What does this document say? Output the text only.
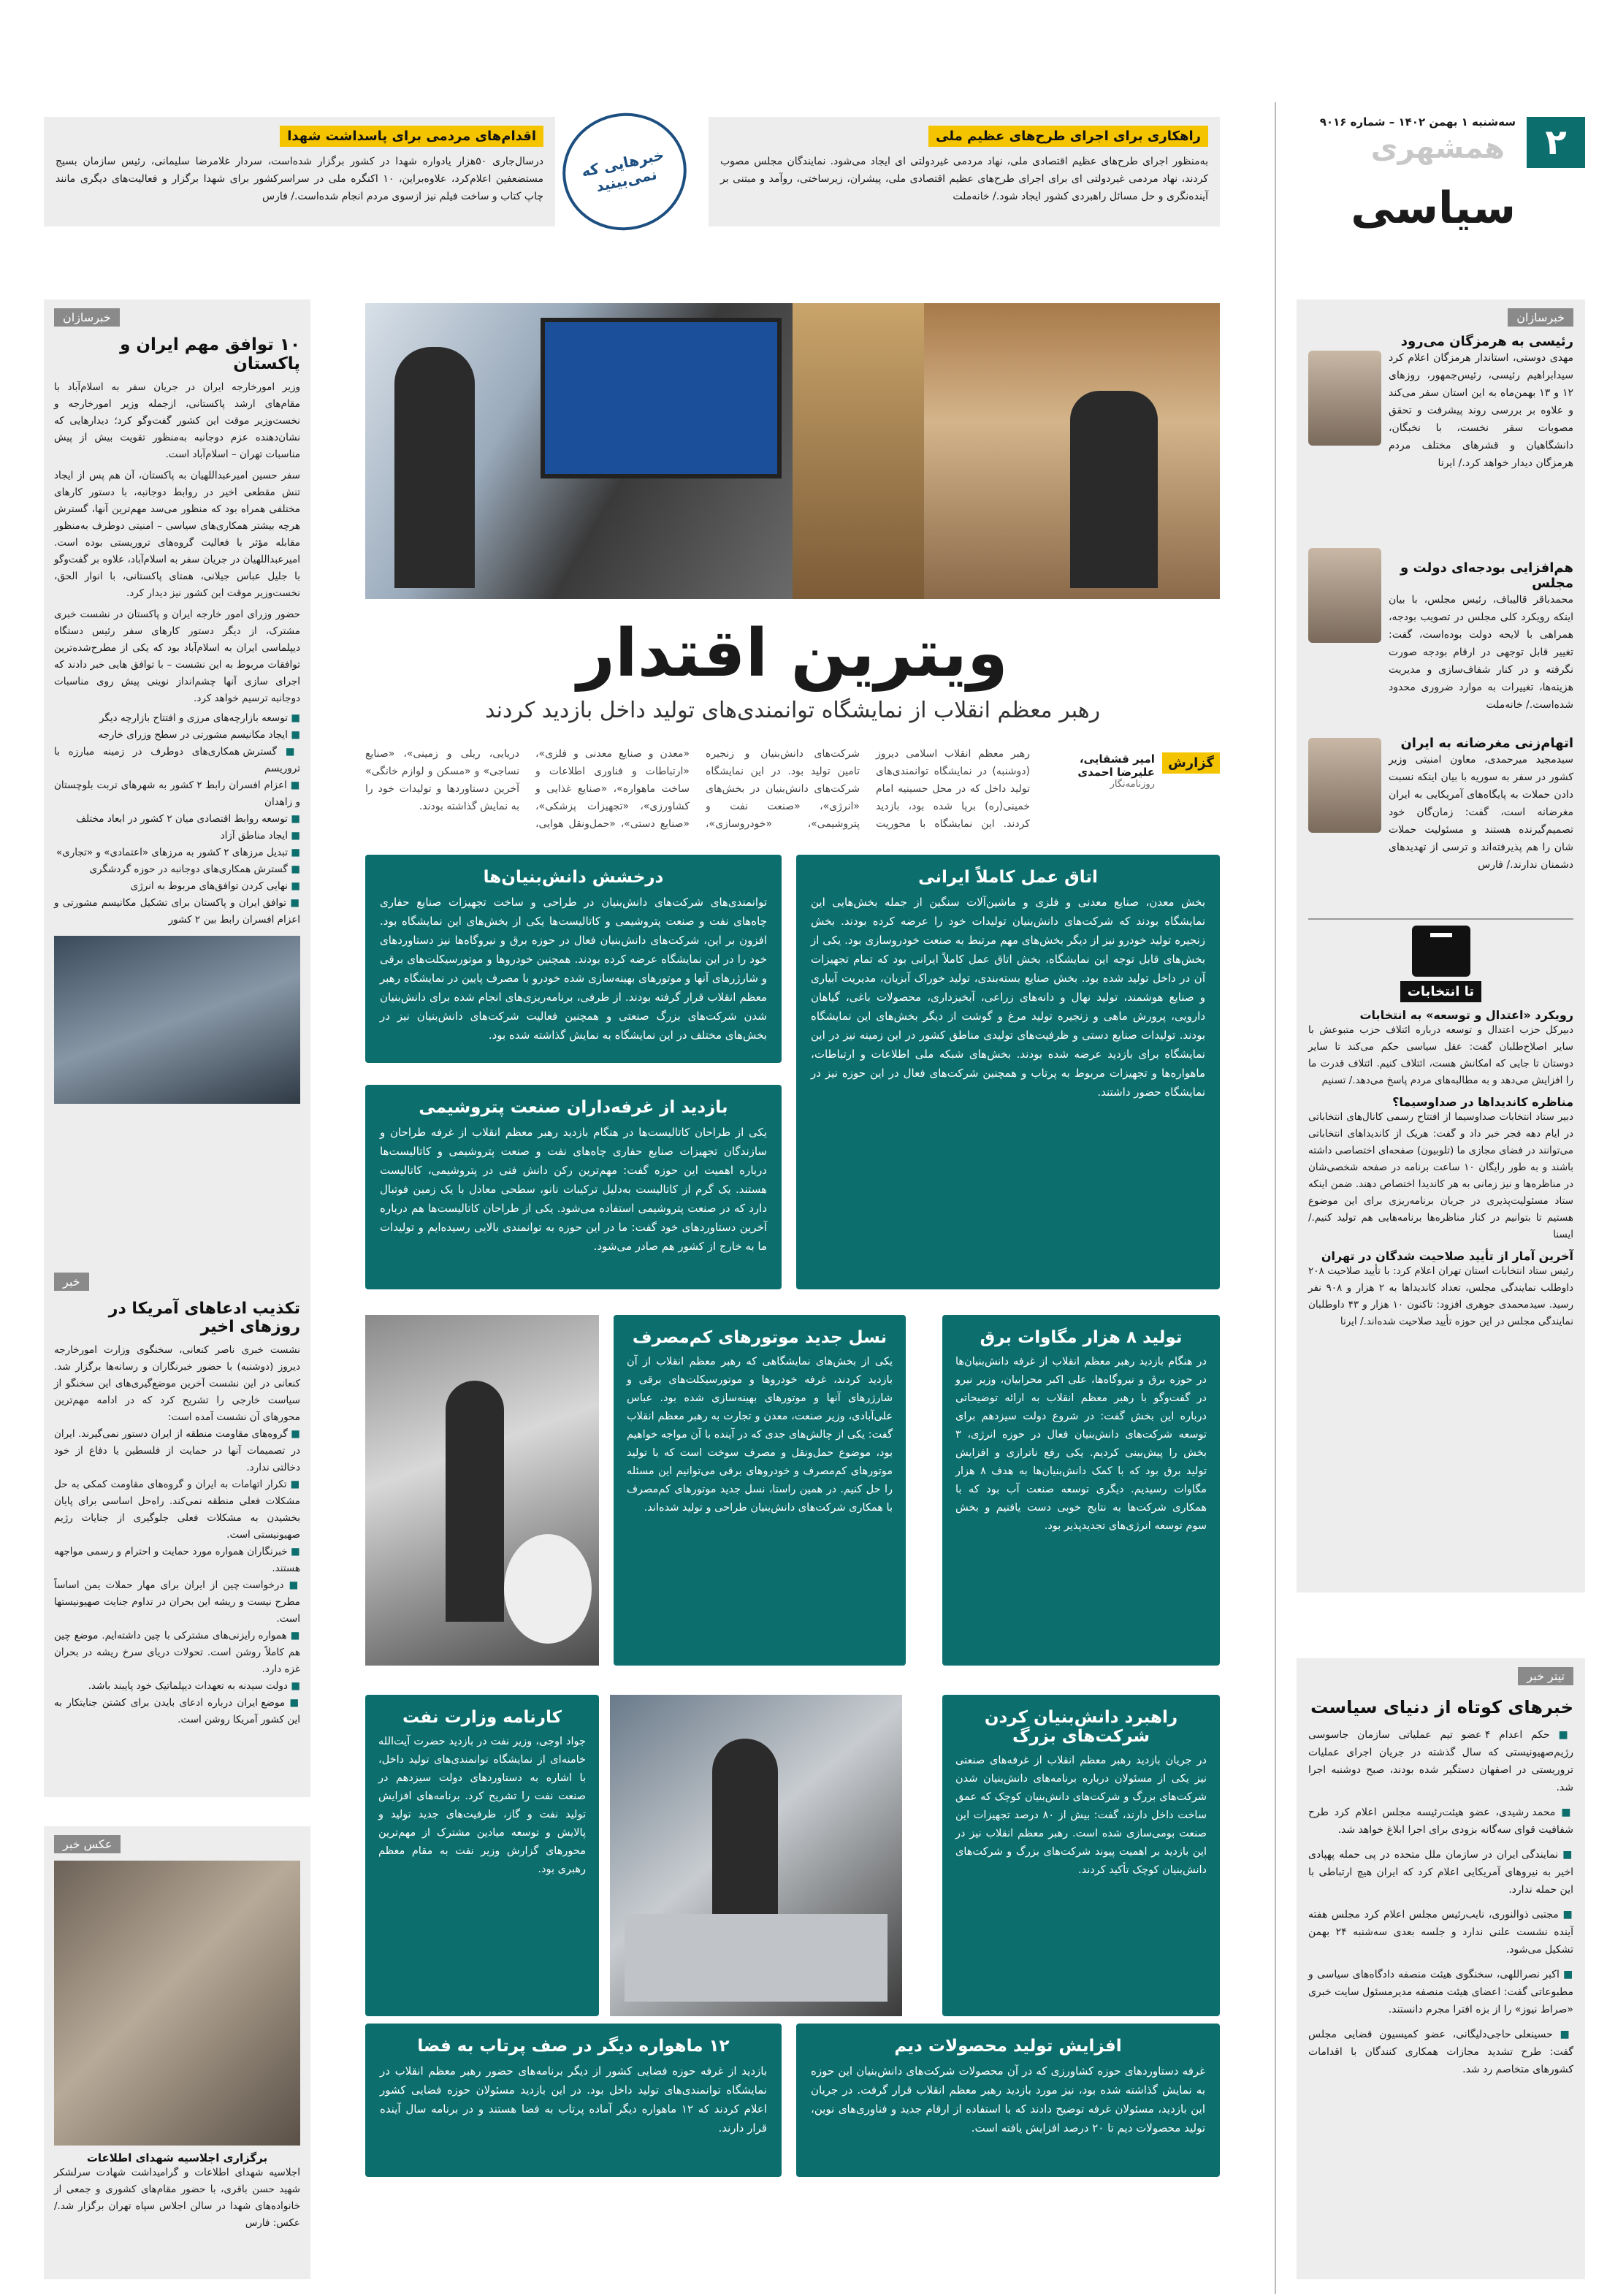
۲
سه‌شنبه ۱ بهمن ۱۴۰۲ – شماره ۹۰۱۶
همشهری
سیاسی
راهکاری برای اجرای طرح‌های عظیم ملی

به‌منظور اجرای طرح‌های عظیم اقتصادی ملی، نهاد مردمی غیردولتی ای ایجاد می‌شود. نمایندگان مجلس مصوب کردند، نهاد مردمی غیردولتی ای برای اجرای طرح‌های عظیم اقتصادی ملی، پیشران، زیرساختی، روآمد و مبتنی بر آینده‌نگری و حل مسائل راهبردی کشور ایجاد شود./ خانه‌ملت

خبرهایی که نمی‌بینید
اقدام‌های مردمی برای پاسداشت شهدا

درسال‌جاری ۵۰هزار یادواره شهدا در کشور برگزار شده‌است، سردار غلامرضا سلیمانی، رئیس سازمان بسیج مستضعفین اعلام‌کرد، علاوه‌براین، ۱۰ اکنگره ملی در سراسرکشور برای شهدا برگزار و فعالیت‌های دیگری مانند چاپ کتاب و ساخت فیلم نیز ازسوی مردم انجام شده‌است./ فارس

خبرسازان
رئیسی به هرمزگان می‌رود

مهدی دوستی، استاندار هرمزگان اعلام کرد سیدابراهیم رئیسی، رئیس‌جمهور، روزهای ۱۲ و ۱۳ بهمن‌ماه به این استان سفر می‌کند و علاوه بر بررسی روند پیشرفت و تحقق مصوبات سفر نخست، با نخبگان، دانشگاهیان و قشرهای مختلف مردم هرمزگان دیدار خواهد کرد./ ایرنا

هم‌افزایی بودجه‌ای دولت و مجلس

محمدباقر قالیباف، رئیس مجلس، با بیان اینکه رویکرد کلی مجلس در تصویب بودجه، همراهی با لایحه دولت بوده‌است، گفت: تغییر قابل توجهی در ارقام بودجه صورت نگرفته و در کنار شفاف‌سازی و مدیریت هزینه‌ها، تغییرات به موارد ضروری محدود شده‌است./ خانه‌ملت

اتهام‌زنی مغرضانه به ایران

سیدمجید میرحمدی، معاون امنیتی وزیر کشور در سفر به سوریه با بیان اینکه نسبت دادن حملات به پایگاه‌های آمریکایی به ایران مغرضانه است، گفت: زمان‌گان خود تصمیم‌گیرنده هستند و مسئولیت حملات شان را هم پذیرفته‌اند و ترسی از تهدیدهای دشمنان ندارند./ فارس

تا انتخابات
رویکرد «اعتدال و توسعه» به انتخابات

دبیرکل حزب اعتدال و توسعه درباره ائتلاف حزب متبوعش با سایر اصلاح‌طلبان گفت: عقل سیاسی حکم می‌کند تا سایر دوستان تا جایی که امکانش هست، ائتلاف کنیم. ائتلاف قدرت ما را افزایش می‌دهد و به مطالبه‌های مردم پاسخ می‌دهد./ تسنیم

مناظره کاندیداها در صداوسیما؟

دبیر ستاد انتخابات صداوسیما از افتتاح رسمی کانال‌های انتخاباتی در ایام دهه فجر خبر داد و گفت: هریک از کاندیداهای انتخاباتی می‌توانند در فضای مجازی ما (تلوبیون) صفحه‌ای اختصاصی داشته باشند و به طور رایگان ۱۰ ساعت برنامه در صفحه شخصی‌شان در مناظره‌ها و نیز زمانی به هر کاندیدا اختصاص دهند. ضمن اینکه ستاد مسئولیت‌پذیری در جریان برنامه‌ریزی برای این موضوع هستیم تا بتوانیم در کنار مناظره‌ها برنامه‌هایی هم تولید کنیم./ ایسنا

آخرین آمار از تأیید صلاحیت شدگان در تهران

رئیس ستاد انتخابات استان تهران اعلام کرد: با تأیید صلاحیت ۲۰۸ داوطلب نمایندگی مجلس، تعداد کاندیداها به ۲ هزار و ۹۰۸ نفر رسید. سیدمحمدی جوهری افزود: تاکنون ۱۰ هزار و ۴۳ داوطلبان نمایندگی مجلس در این حوزه تأیید صلاحیت شده‌اند./ ایرنا

تیتر خبر
خبرهای کوتاه از دنیای سیاست

■ حکم اعدام ۴ عضو تیم عملیاتی سازمان جاسوسی رژیم‌صهیونیستی که سال گذشته در جریان اجرای عملیات تروریستی در اصفهان دستگیر شده بودند، صبح دوشنبه اجرا شد.

■ محمد رشیدی، عضو هیئت‌رئیسه مجلس اعلام کرد طرح شفافیت قوای سه‌گانه بزودی برای اجرا ابلاغ خواهد شد.

■ نمایندگی ایران در سازمان ملل متحده در پی حمله پهپادی اخیر به نیروهای آمریکایی اعلام کرد که ایران هیچ ارتباطی با این حمله ندارد.

■ مجتبی ذوالنوری، نایب‌رئیس مجلس اعلام کرد مجلس هفته آینده نشست علنی ندارد و جلسه بعدی سه‌شنبه ۲۴ بهمن تشکیل می‌شود.

■ اکبر نصراللهی، سخنگوی هیئت منصفه دادگاه‌های سیاسی و مطبوعاتی گفت: اعضای هیئت منصفه مدیرمسئول سایت خبری «صراط نیوز» را از بزه افترا مجرم دانستند.

■ حسینعلی حاجی‌دلیگانی، عضو کمیسیون قضایی مجلس گفت: طرح تشدید مجازات همکاری کنندگان با اقدامات کشورهای متخاصم رد شد.

خبرسازان
۱۰ توافق مهم ایران و پاکستان

وزیر امورخارجه ایران در جریان سفر به اسلام‌آباد با مقام‌های ارشد پاکستانی، ازجمله وزیر امورخارجه و نخست‌وزیر موقت این کشور گفت‌وگو کرد؛ دیدارهایی که نشان‌دهنده عزم دوجانبه به‌منظور تقویت بیش از پیش مناسبات تهران – اسلام‌آباد است.

سفر حسین امیرعبداللهیان به پاکستان، آن هم پس از ایجاد تنش مقطعی اخیر در روابط دوجانبه، با دستور کارهای مختلفی همراه بود که منظور می‌سد مهم‌ترین آنها، گسترش هرچه بیشتر همکاری‌های سیاسی – امنیتی دوطرف به‌منظور مقابله مؤثر با فعالیت گروه‌های تروریستی بوده است. امیرعبداللهیان در جریان سفر به اسلام‌آباد، علاوه بر گفت‌وگو با جلیل عباس جیلانی، همتای پاکستانی، با انوار الحق، نخست‌وزیر موقت این کشور نیز دیدار کرد.

حضور وزرای امور خارجه ایران و پاکستان در نشست خبری مشترک، از دیگر دستور کارهای سفر رئیس دستگاه دیپلماسی ایران به اسلام‌آباد بود که یکی از مطرح‌شده‌ترین توافقات مربوط به این نشست – با توافق هایی خبر دادند که اجرای سازی آنها چشم‌انداز نوینی پیش روی مناسبات دوجانبه ترسیم خواهد کرد.

■ توسعه بازارچه‌های مرزی و افتتاح بازارچه دیگر

■ ایجاد مکانیسم مشورتی در سطح وزرای خارجه

■ گسترش همکاری‌های دوطرف در زمینه مبارزه با تروریسم

■ اعزام افسران رابط ۲ کشور به شهرهای تربت بلوچستان و زاهدان

■ توسعه روابط اقتصادی میان ۲ کشور در ابعاد مختلف

■ ایجاد مناطق آزاد

■ تبدیل مرزهای ۲ کشور به مرزهای «اعتمادی» و «تجاری»

■ گسترش همکاری‌های دوجانبه در حوزه گردشگری

■ نهایی کردن توافق‌های مربوط به انرژی

■ توافق ایران و پاکستان برای تشکیل مکانیسم مشورتی و اعزام افسران رابط بین ۲ کشور

خبر
تکذیب ادعاهای آمریکا در روزهای اخیر

نشست خبری ناصر کنعانی، سخنگوی وزارت امورخارجه دیروز (دوشنبه) با حضور خبرنگاران و رسانه‌ها برگزار شد. کنعانی در این نشست آخرین موضع‌گیری‌های این سخنگو از سیاست خارجی را تشریح کرد که در ادامه مهم‌ترین محورهای آن نشست آمده است:

■ گروه‌های مقاومت منطقه از ایران دستور نمی‌گیرند. ایران در تصمیمات آنها در حمایت از فلسطین یا دفاع از خود دخالتی ندارد.

■ تکرار اتهامات به ایران و گروه‌های مقاومت کمکی به حل مشکلات فعلی منطقه نمی‌کند. راه‌حل اساسی برای پایان بخشیدن به مشکلات فعلی جلوگیری از جنایات رژیم صهیونیستی است.

■ خبرنگاران همواره مورد حمایت و احترام و رسمی مواجهه هستند.

■ درخواست چین از ایران برای مهار حملات یمن اساساً مطرح نیست و ریشه این بحران در تداوم جنایت صهیونیستها است.

■ همواره رایزنی‌های مشترکی با چین داشته‌ایم. موضع چین هم کاملاً روشن است. تحولات دریای سرخ ریشه در بحران غزه دارد.

■ دولت سیدنه به تعهدات دیپلماتیک خود پایبند باشد.

■ موضع ایران درباره ادعای بایدن برای کشتن جنایتکار به این کشور آمریکا روشن است.

عکس خبر
برگزاری اجلاسیه شهدای اطلاعات

اجلاسیه شهدای اطلاعات و گرامیداشت شهادت سرلشکر شهید حسن باقری، با حضور مقام‌های کشوری و جمعی از خانواده‌های شهدا در سالن اجلاس سپاه تهران برگزار شد./ عکس: فارس

ویترین اقتدار
رهبر معظم انقلاب از نمایشگاه توانمندی‌های تولید داخل بازدید کردند
گزارش
امیر قشقایی، علیرضا احمدی
روزنامه‌نگار

رهبر معظم انقلاب اسلامی دیروز (دوشنبه) در نمایشگاه توانمندی‌های تولید داخل که در محل حسینیه امام خمینی(ره) برپا شده بود، بازدید کردند. این نمایشگاه با محوریت شرکت‌های دانش‌بنیان و زنجیره تامین تولید بود. در این نمایشگاه شرکت‌های دانش‌بنیان در بخش‌های «انرژی»، «صنعت نفت و پتروشیمی»، «خودروسازی»، «معدن و صنایع معدنی و فلزی»، «ارتباطات و فناوری اطلاعات و ساخت ماهواره»، «صنایع غذایی و کشاورزی»، «تجهیزات پزشکی»، «صنایع دستی»، «حمل‌ونقل هوایی، دریایی، ریلی و زمینی»، «صنایع نساجی» و «مسکن و لوازم خانگی» آخرین دستاوردها و تولیدات خود را به نمایش گذاشته بودند.

اتاق عمل کاملاً ایرانی

بخش معدن، صنایع معدنی و فلزی و ماشین‌آلات سنگین از جمله بخش‌هایی این نمایشگاه بودند که شرکت‌های دانش‌بنیان تولیدات خود را عرضه کرده بودند. بخش زنجیره تولید خودرو نیز از دیگر بخش‌های مهم مرتبط به صنعت خودروسازی بود. یکی از بخش‌های قابل توجه این نمایشگاه، بخش اتاق عمل کاملاً ایرانی بود که تمام تجهیزات آن در داخل تولید شده بود. بخش صنایع بسته‌بندی، تولید خوراک آبزیان، مدیریت آبیاری و صنایع هوشمند، تولید نهال و دانه‌های زراعی، آبخیزداری، محصولات باغی، گیاهان دارویی، پرورش ماهی و زنجیره تولید مرغ و گوشت از دیگر بخش‌های این نمایشگاه بودند. تولیدات صنایع دستی و ظرفیت‌های تولیدی مناطق کشور در این زمینه نیز در این نمایشگاه برای بازدید عرضه شده بودند. بخش‌های شبکه ملی اطلاعات و ارتباطات، ماهواره‌ها و تجهیزات مربوط به پرتاب و همچنین شرکت‌های فعال در این حوزه نیز در نمایشگاه حضور داشتند.

درخشش دانش‌بنیان‌ها

توانمندی‌های شرکت‌های دانش‌بنیان در طراحی و ساخت تجهیزات صنایع حفاری چاه‌های نفت و صنعت پتروشیمی و کاتالیست‌ها یکی از بخش‌های این نمایشگاه بود. افزون بر این، شرکت‌های دانش‌بنیان فعال در حوزه برق و نیروگاه‌ها نیز دستاوردهای خود را در این نمایشگاه عرضه کرده بودند. همچنین خودروها و موتورسیکلت‌های برقی و شارژرهای آنها و موتورهای بهینه‌سازی شده خودرو با مصرف پایین در نمایشگاه رهبر معظم انقلاب قرار گرفته بودند. از طرفی، برنامه‌ریزی‌های انجام شده برای دانش‌بنیان شدن شرکت‌های بزرگ صنعتی و همچنین فعالیت شرکت‌های دانش‌بنیان نیز در بخش‌های مختلف در این نمایشگاه به نمایش گذاشته شده بود.

بازدید از غرفه‌داران صنعت پتروشیمی

یکی از طراحان کاتالیست‌ها در هنگام بازدید رهبر معظم انقلاب از غرفه طراحان و سازندگان تجهیزات صنایع حفاری چاه‌های نفت و صنعت پتروشیمی و کاتالیست‌ها درباره اهمیت این حوزه گفت: مهم‌ترین رکن دانش فنی در پتروشیمی، کاتالیست هستند. یک گرم از کاتالیست به‌دلیل ترکیبات نانو، سطحی معادل با یک زمین فوتبال دارد که در صنعت پتروشیمی استفاده می‌شود. یکی از طراحان کاتالیست‌ها هم درباره آخرین دستاوردهای خود گفت: ما در این حوزه به توانمندی بالایی رسیده‌ایم و تولیدات ما به خارج از کشور هم صادر می‌شود.

تولید ۸ هزار مگاوات برق

در هنگام بازدید رهبر معظم انقلاب از غرفه دانش‌بنیان‌ها در حوزه برق و نیروگاه‌ها، علی اکبر محرابیان، وزیر نیرو در گفت‌وگو با رهبر معظم انقلاب به ارائه توضیحاتی درباره این بخش گفت: در شروع دولت سیزدهم برای توسعه شرکت‌های دانش‌بنیان فعال در حوزه انرژی، ۳ بخش را پیش‌بینی کردیم. یکی رفع ناترازی و افزایش تولید برق بود که با کمک دانش‌بنیان‌ها به هدف ۸ هزار مگاوات رسیدیم. دیگری توسعه صنعت آب بود که با همکاری شرکت‌ها به نتایج خوبی دست یافتیم و بخش سوم توسعه انرژی‌های تجدیدپذیر بود.

نسل جدید موتورهای کم‌مصرف

یکی از بخش‌های نمایشگاهی که رهبر معظم انقلاب از آن بازدید کردند، غرفه خودروها و موتورسیکلت‌های برقی و شارژرهای آنها و موتورهای بهینه‌سازی شده بود. عباس علی‌آبادی، وزیر صنعت، معدن و تجارت به رهبر معظم انقلاب گفت: یکی از چالش‌های جدی که در آینده با آن مواجه خواهیم بود، موضوع حمل‌ونقل و مصرف سوخت است که با تولید موتورهای کم‌مصرف و خودروهای برقی می‌توانیم این مسئله را حل کنیم. در همین راستا، نسل جدید موتورهای کم‌مصرف با همکاری شرکت‌های دانش‌بنیان طراحی و تولید شده‌اند.

راهبرد دانش‌بنیان کردن شرکت‌های بزرگ

در جریان بازدید رهبر معظم انقلاب از غرفه‌های صنعتی نیز یکی از مسئولان درباره برنامه‌های دانش‌بنیان شدن شرکت‌های بزرگ و شرکت‌های دانش‌بنیان کوچک که عمق ساخت داخل دارند، گفت: بیش از ۸۰ درصد تجهیزات این صنعت بومی‌سازی شده است. رهبر معظم انقلاب نیز در این بازدید بر اهمیت پیوند شرکت‌های بزرگ و شرکت‌های دانش‌بنیان کوچک تأکید کردند.

کارنامه وزارت نفت

جواد اوجی، وزیر نفت در بازدید حضرت آیت‌الله خامنه‌ای از نمایشگاه توانمندی‌های تولید داخل، با اشاره به دستاوردهای دولت سیزدهم در صنعت نفت را تشریح کرد. برنامه‌های افزایش تولید نفت و گاز، ظرفیت‌های جدید تولید و پالایش و توسعه میادین مشترک از مهم‌ترین محورهای گزارش وزیر نفت به مقام معظم رهبری بود.

افزایش تولید محصولات دیم

غرفه دستاوردهای حوزه کشاورزی که در آن محصولات شرکت‌های دانش‌بنیان این حوزه به نمایش گذاشته شده بود، نیز مورد بازدید رهبر معظم انقلاب قرار گرفت. در جریان این بازدید، مسئولان غرفه توضیح دادند که با استفاده از ارقام جدید و فناوری‌های نوین، تولید محصولات دیم تا ۲۰ درصد افزایش یافته است.

۱۲ ماهواره دیگر در صف پرتاب به فضا

بازدید از غرفه حوزه فضایی کشور از دیگر برنامه‌های حضور رهبر معظم انقلاب در نمایشگاه توانمندی‌های تولید داخل بود. در این بازدید مسئولان حوزه فضایی کشور اعلام کردند که ۱۲ ماهواره دیگر آماده پرتاب به فضا هستند و در برنامه سال آینده قرار دارند.
